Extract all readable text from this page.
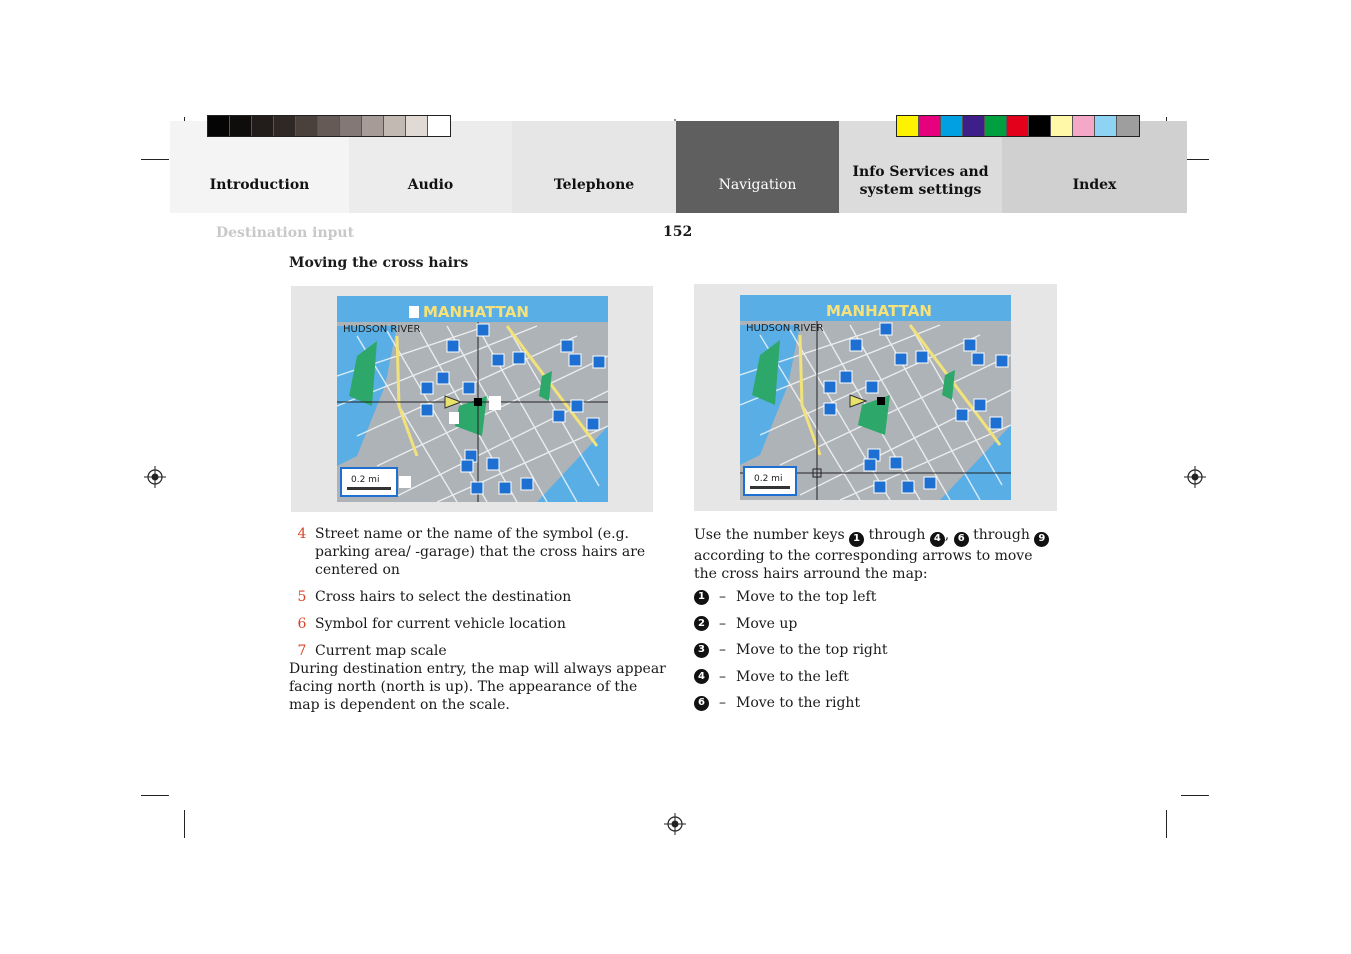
Introduction	Audio	Telephone	Navigation
Info Services and
system settings	Index
Destination input	152
Moving the cross hairs
MANHATTAN
HUDSON RIVER
0.2 mi
MANHATTAN
HUDSON RIVER
0.2 mi
4 Street name or the name of the symbol (e.g. parking area/ -garage) that the cross hairs are centered on
5 Cross hairs to select the destination
6 Symbol for current vehicle location
7 Current map scale
During destination entry, the map will always appear facing north (north is up). The appearance of the map is dependent on the scale.
Use the number keys 1 through 4 , 6 through 9 according to the corresponding arrows to move the cross hairs arround the map:
1 – Move to the top left
2 – Move up
3 – Move to the top right
4 – Move to the left
6 – Move to the right
